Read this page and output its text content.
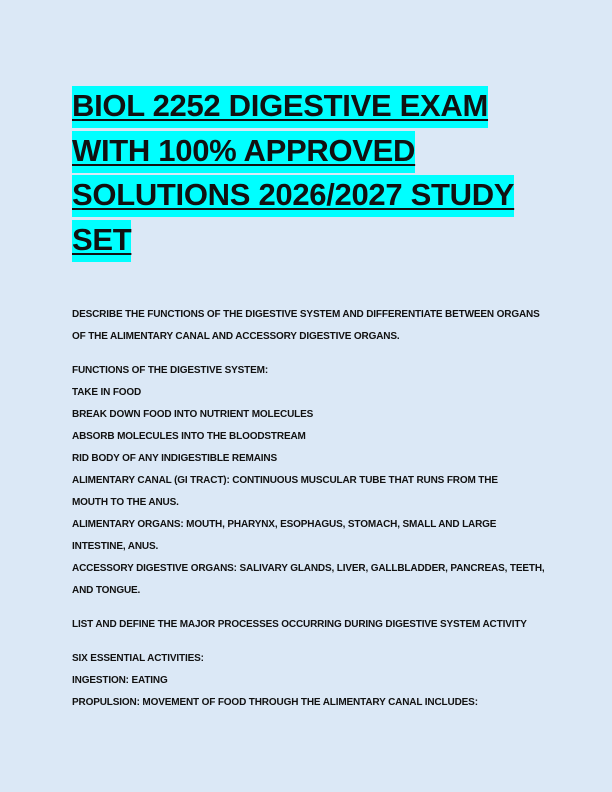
BIOL 2252 DIGESTIVE EXAM
WITH 100% APPROVED
SOLUTIONS 2026/2027 STUDY
SET
DESCRIBE THE FUNCTIONS OF THE DIGESTIVE SYSTEM AND DIFFERENTIATE BETWEEN ORGANS
OF THE ALIMENTARY CANAL AND ACCESSORY DIGESTIVE ORGANS.
FUNCTIONS OF THE DIGESTIVE SYSTEM:
TAKE IN FOOD
BREAK DOWN FOOD INTO NUTRIENT MOLECULES
ABSORB MOLECULES INTO THE BLOODSTREAM
RID BODY OF ANY INDIGESTIBLE REMAINS
ALIMENTARY CANAL (GI TRACT): CONTINUOUS MUSCULAR TUBE THAT RUNS FROM THE
MOUTH TO THE ANUS.
ALIMENTARY ORGANS: MOUTH, PHARYNX, ESOPHAGUS, STOMACH, SMALL AND LARGE
INTESTINE, ANUS.
ACCESSORY DIGESTIVE ORGANS: SALIVARY GLANDS, LIVER, GALLBLADDER, PANCREAS, TEETH,
AND TONGUE.
LIST AND DEFINE THE MAJOR PROCESSES OCCURRING DURING DIGESTIVE SYSTEM ACTIVITY
SIX ESSENTIAL ACTIVITIES:
INGESTION: EATING
PROPULSION: MOVEMENT OF FOOD THROUGH THE ALIMENTARY CANAL INCLUDES:
